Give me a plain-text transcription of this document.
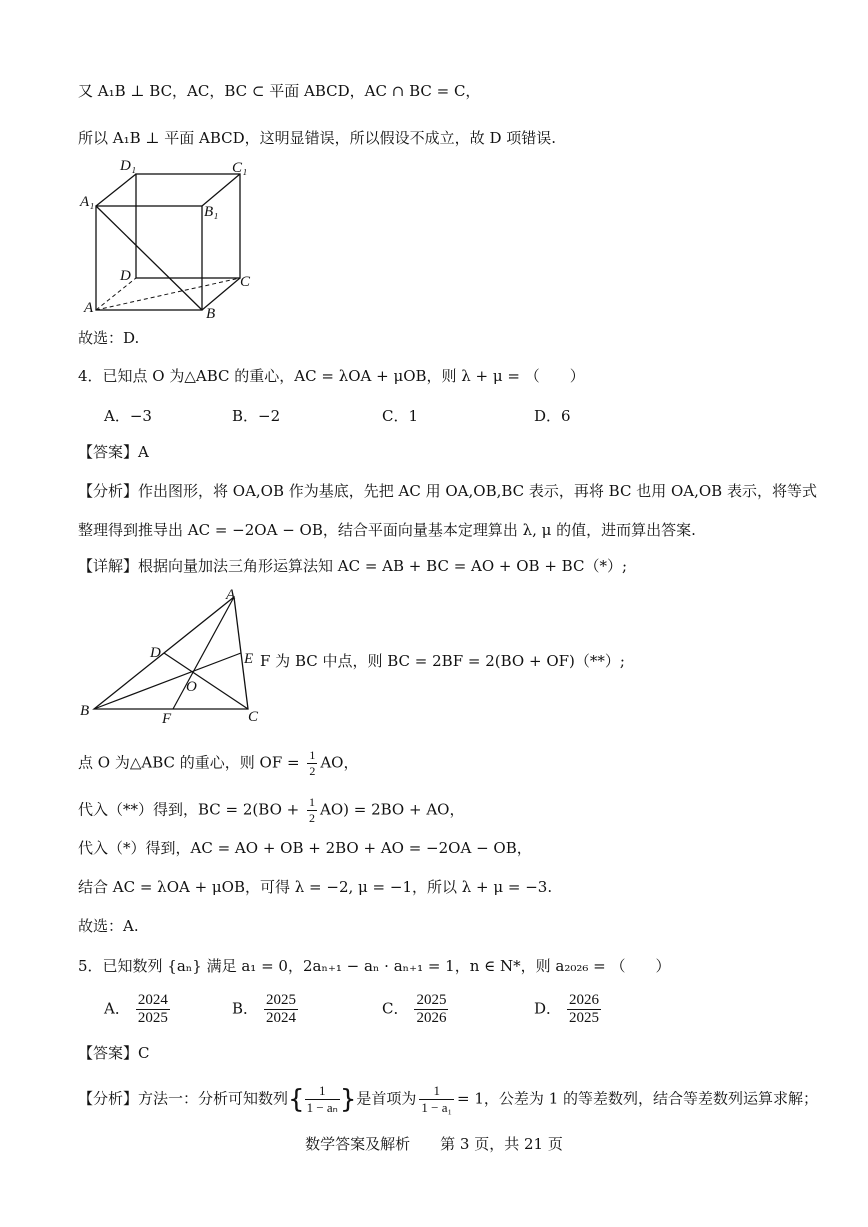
又 A₁B ⊥ BC，AC，BC ⊂ 平面 ABCD，AC ∩ BC = C，
所以 A₁B ⊥ 平面 ABCD，这明显错误，所以假设不成立，故 D 项错误.
D₁	C₁
A₁
B₁
D	C
A	B
故选：D.
4．已知点 O 为△ABC 的重心，AC = λOA + μOB，则 λ + μ = （　　）
A．−3	B．−2	C．1	D．6
【答案】A
【分析】作出图形，将 OA,OB 作为基底，先把 AC 用 OA,OB,BC 表示，再将 BC 也用 OA,OB 表示，将等式
整理得到推导出 AC = −2OA − OB，结合平面向量基本定理算出 λ, μ 的值，进而算出答案.
【详解】根据向量加法三角形运算法知 AC = AB + BC = AO + OB + BC（*）;
A
D	E
O
B	F	C
F 为 BC 中点，则 BC = 2BF = 2(BO + OF)（**）;
点 O 为△ABC 的重心，则 OF = $\frac{1}{2}$ AO，
代入（**）得到，BC = $2(BO + \frac{1}{2} AO) = 2BO$ + AO，
代入（*）得到，AC = AO + OB + 2BO + AO = −2OA − OB，
结合 AC = λOA + μOB，可得 λ = −2, μ = −1，所以 λ + μ = −3.
故选：A.
5．已知数列 {aₙ} 满足 a₁ = 0，2aₙ₊₁ − aₙ · aₙ₊₁ = 1，n ∈ N*，则 a₂₀₂₆ = （　　）
A． $\frac{2024}{2025}$	B． $\frac{2025}{2024}$	C． $\frac{2025}{2026}$	D． $\frac{2026}{2025}$
【答案】C
【分析】方法一：分析可知数列{ $\frac{1}{\text{1 − aₙ}}$ }是首项为 $\frac{1}{\text{1 − a₁}} = 1$，公差为 1 的等差数列，结合等差数列运算求解；
数学答案及解析　　第 3 页，共 21 页
